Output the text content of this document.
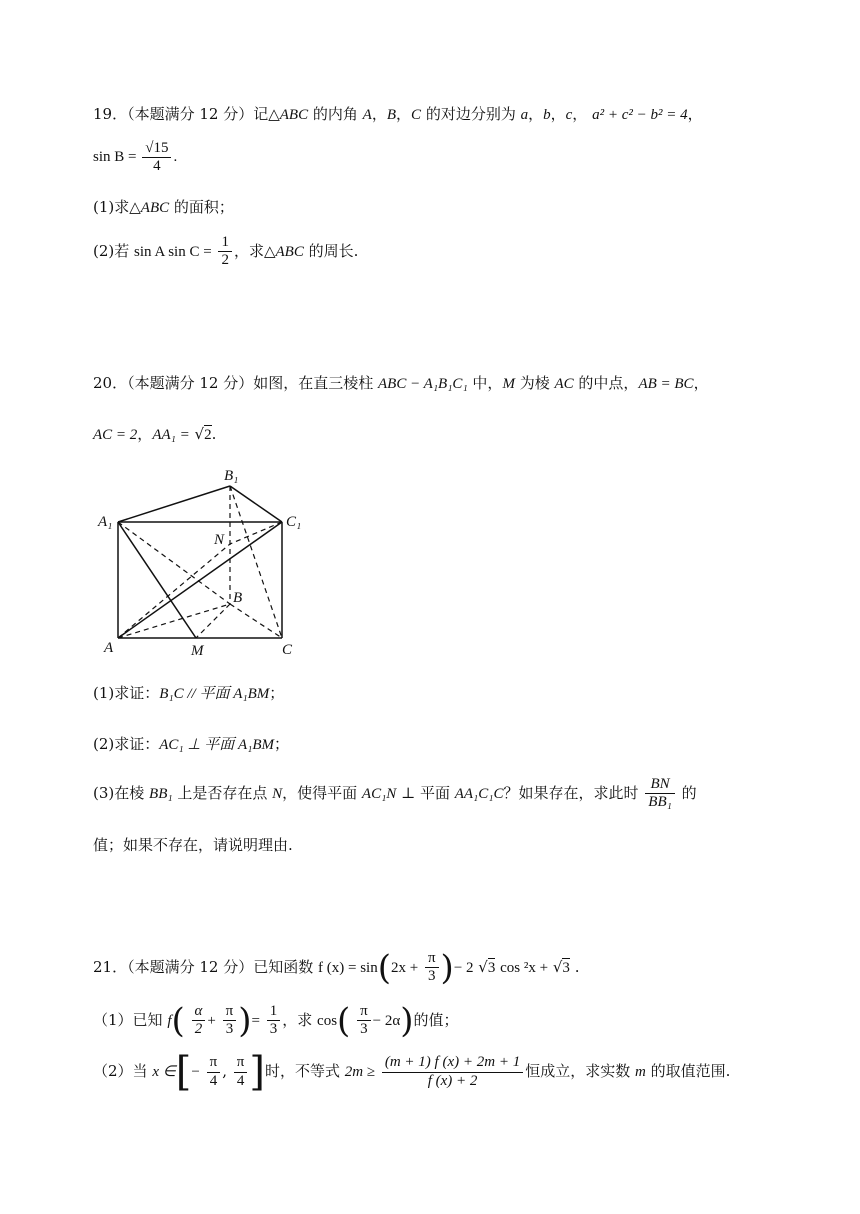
19．（本题满分 12 分）记△ABC 的内角 A，B，C 的对边分别为 a，b，c， a² + c² − b² = 4，
$\sin B = \frac{√15}{4}$ .
(1)求△ABC 的面积；
(2)若 sin A $\sin C = \frac{1}{2}$ ，求△ABC 的周长.
20．（本题满分 12 分）如图，在直三棱柱 ABC − A₁B₁C₁ 中，M 为棱 AC 的中点，AB = BC，
AC = 2，AA₁ = √2.
B₁
A₁	C₁
N
B
A	M	C
(1)求证：B₁C // 平面 A₁BM；
(2)求证：AC₁ ⊥ 平面 A₁BM；
(3)在棱 BB₁ 上是否存在点 N，使得平面 AC₁N ⊥ 平面 AA₁C₁C？如果存在，求此时 $\frac{BN}{\text{BB₁}}$ 的
值；如果不存在，请说明理由.
21．（本题满分 12 分）已知函数 f $(x) = \sin(2x + \frac{\pi}{3}$ )− 2 √3 cos ²x + √3 .
（1）已知 $f( \frac{\alpha}{2} + \frac{\pi}{3}$ )= $\frac{1}{3}$ ，求 $\cos( \frac{\pi}{3} - 2\alpha)$的值；
（2）当 x ∈[− $\frac{\pi}{4}$ , $\frac{\pi}{4}$ ]时，不等式 $2m \ge \frac{(m + 1) f (x) + 2m + 1}{f (x) + 2}$ 恒成立，求实数 m 的取值范围.
